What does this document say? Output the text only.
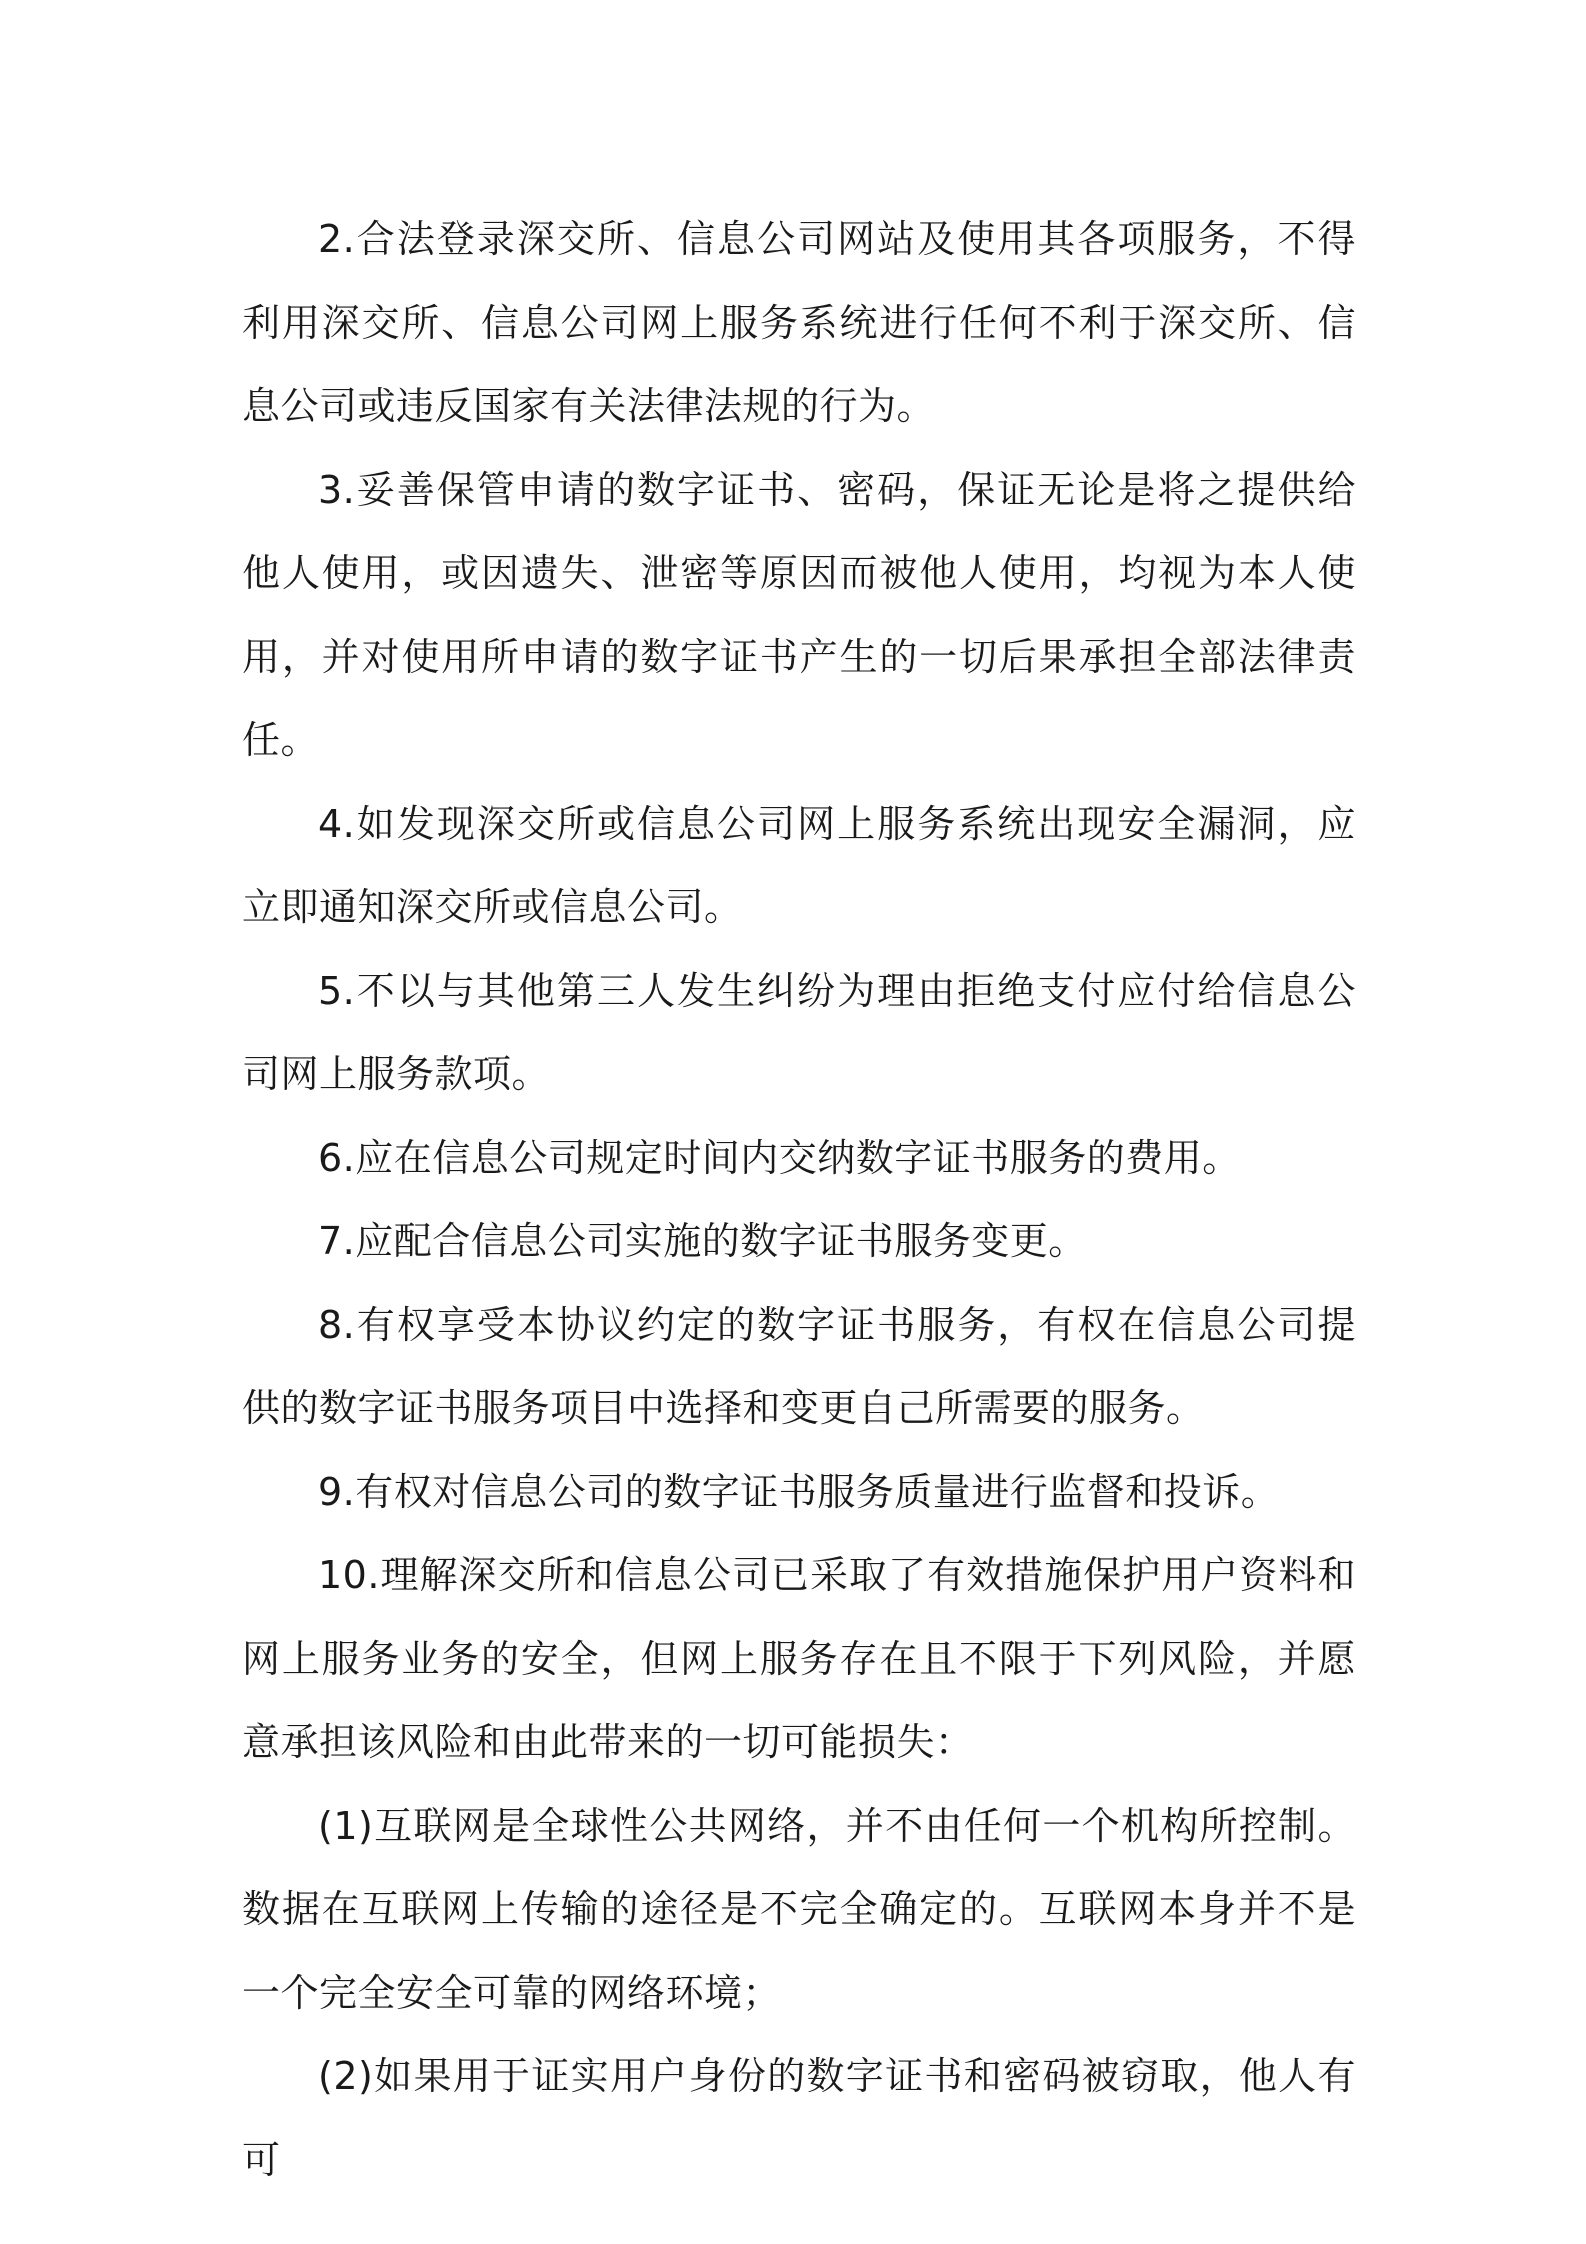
2.合法登录深交所、信息公司网站及使用其各项服务，不得利用深交所、信息公司网上服务系统进行任何不利于深交所、信息公司或违反国家有关法律法规的行为。

3.妥善保管申请的数字证书、密码，保证无论是将之提供给他人使用，或因遗失、泄密等原因而被他人使用，均视为本人使用，并对使用所申请的数字证书产生的一切后果承担全部法律责任。

4.如发现深交所或信息公司网上服务系统出现安全漏洞，应立即通知深交所或信息公司。

5.不以与其他第三人发生纠纷为理由拒绝支付应付给信息公司网上服务款项。

6.应在信息公司规定时间内交纳数字证书服务的费用。

7.应配合信息公司实施的数字证书服务变更。

8.有权享受本协议约定的数字证书服务，有权在信息公司提供的数字证书服务项目中选择和变更自己所需要的服务。

9.有权对信息公司的数字证书服务质量进行监督和投诉。

10.理解深交所和信息公司已采取了有效措施保护用户资料和网上服务业务的安全，但网上服务存在且不限于下列风险，并愿意承担该风险和由此带来的一切可能损失：

(1)互联网是全球性公共网络，并不由任何一个机构所控制。数据在互联网上传输的途径是不完全确定的。互联网本身并不是一个完全安全可靠的网络环境；

(2)如果用于证实用户身份的数字证书和密码被窃取，他人有可
